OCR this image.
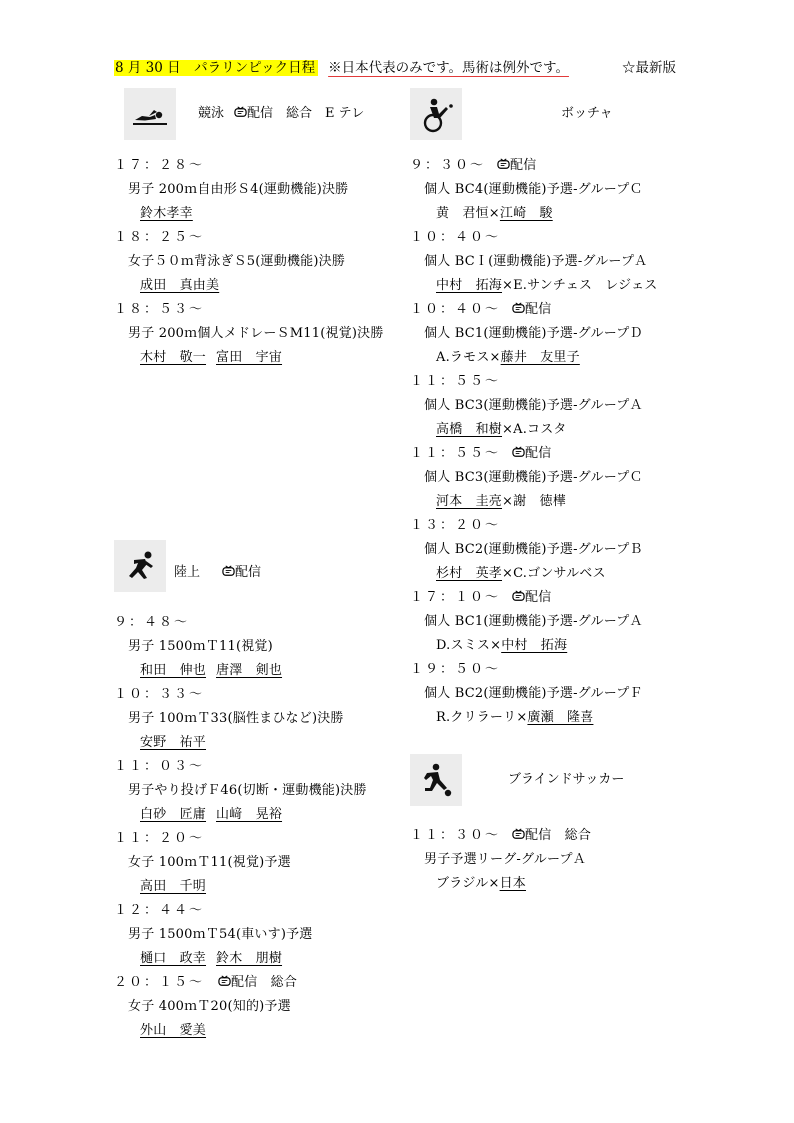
8 月 30 日　パラリンピック日程 ※日本代表のみです。馬術は例外です。	☆最新版
競泳 配信　総合　E テレ
１７：２８～
男子 200ｍ自由形Ｓ4(運動機能)決勝
鈴木孝幸
１８：２５～
女子５０ｍ背泳ぎＳ5(運動機能)決勝
成田　真由美
１８：５３～
男子 200ｍ個人メドレーＳM11(視覚)決勝
木村　敬一 富田　宇宙
陸上	配信
９：４８～
男子 1500ｍＴ11(視覚)
和田　伸也 唐澤　剣也
１０：３３～
男子 100ｍＴ33(脳性まひなど)決勝
安野　祐平
１１：０３～
男子やり投げＦ46(切断・運動機能)決勝
白砂　匠庸 山﨑　晃裕
１１：２０～
女子 100ｍＴ11(視覚)予選
高田　千明
１２：４４～
男子 1500ｍＴ54(車いす)予選
樋口　政幸 鈴木　朋樹
２０：１５～ 配信　総合
女子 400ｍＴ20(知的)予選
外山　愛美
ボッチャ
９：３０～ 配信
個人 BC4(運動機能)予選‐グループＣ
黄　君恒×江崎　駿
１０：４０～
個人 BCＩ(運動機能)予選‐グループＡ
中村　拓海×E.サンチェス　レジェス
１０：４０～ 配信
個人 BC1(運動機能)予選‐グループＤ
A.ラモス×藤井　友里子
１１：５５～
個人 BC3(運動機能)予選‐グループＡ
高橋　和樹×A.コスタ
１１：５５～ 配信
個人 BC3(運動機能)予選‐グループＣ
河本　圭亮×謝　徳樺
１３：２０～
個人 BC2(運動機能)予選‐グループＢ
杉村　英孝×C.ゴンサルベス
１７：１０～ 配信
個人 BC1(運動機能)予選‐グループＡ
D.スミス×中村　拓海
１９：５０～
個人 BC2(運動機能)予選‐グループＦ
R.クリラーリ×廣瀬　隆喜
ブラインドサッカー
１１：３０～ 配信　総合
男子予選リーグ‐グループＡ
ブラジル×日本
